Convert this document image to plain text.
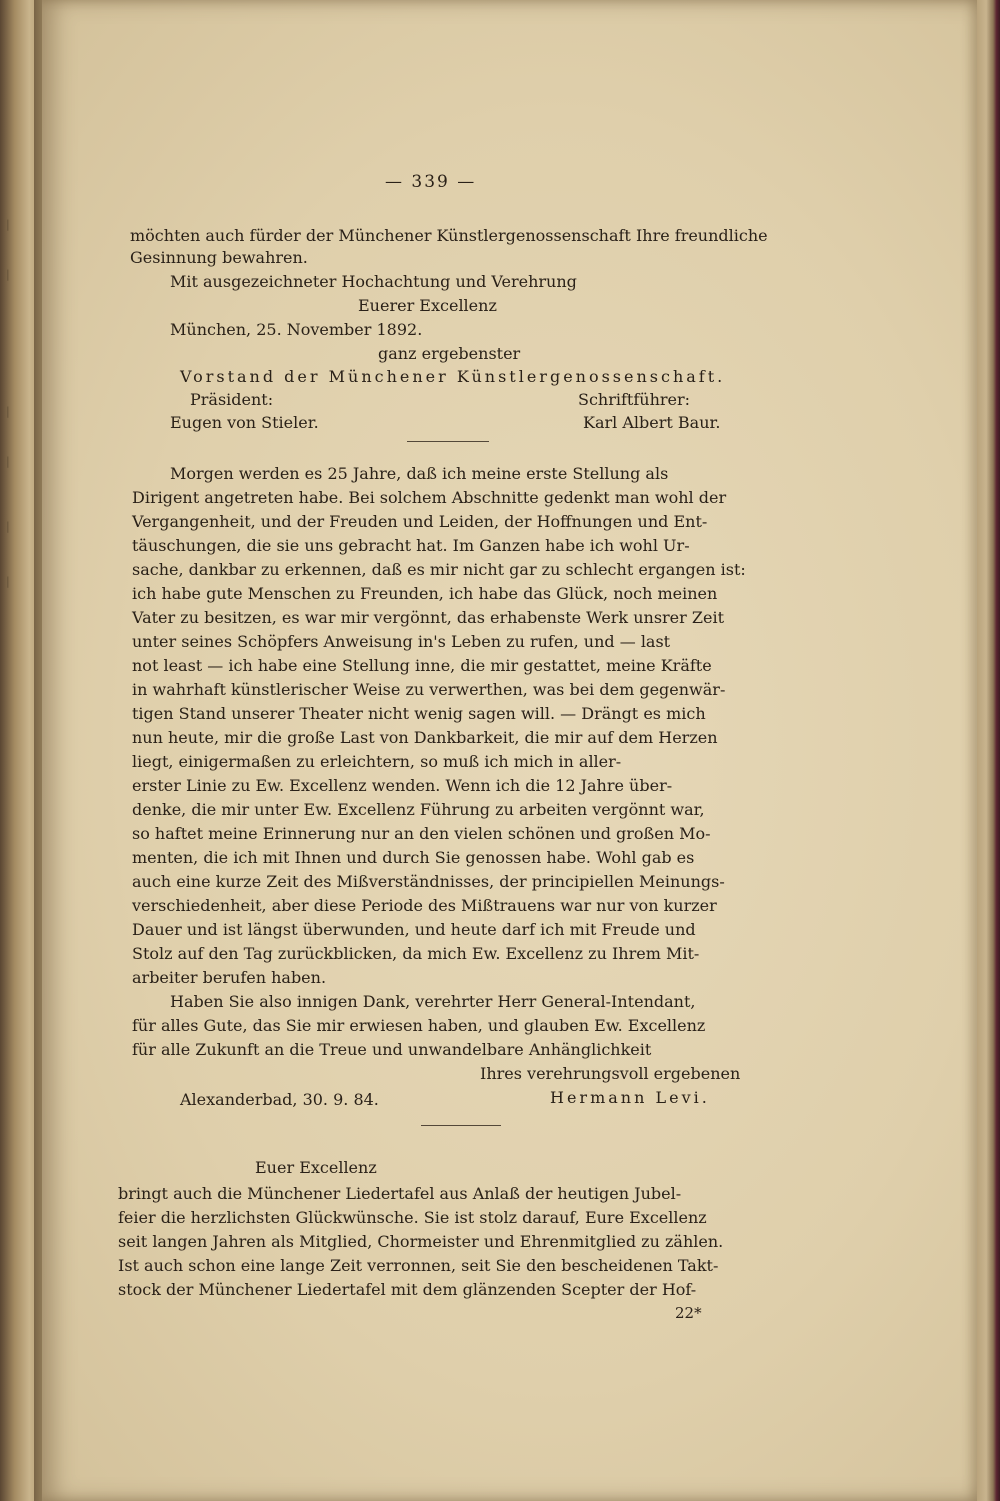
|
|
|
|
|
|
— 339 —
möchten auch fürder der Münchener Künstlergenossenschaft Ihre freundliche
Gesinnung bewahren.
Mit ausgezeichneter Hochachtung und Verehrung
Euerer Excellenz
München, 25. November 1892.
ganz ergebenster
Vorstand der Münchener Künstlergenossenschaft.
Präsident:	Schriftführer:
Eugen von Stieler.	Karl Albert Baur.
Morgen werden es 25 Jahre, daß ich meine erste Stellung als
Dirigent angetreten habe. Bei solchem Abschnitte gedenkt man wohl der
Vergangenheit, und der Freuden und Leiden, der Hoffnungen und Ent-
täuschungen, die sie uns gebracht hat. Im Ganzen habe ich wohl Ur-
sache, dankbar zu erkennen, daß es mir nicht gar zu schlecht ergangen ist:
ich habe gute Menschen zu Freunden, ich habe das Glück, noch meinen
Vater zu besitzen, es war mir vergönnt, das erhabenste Werk unsrer Zeit
unter seines Schöpfers Anweisung in's Leben zu rufen, und — last
not least — ich habe eine Stellung inne, die mir gestattet, meine Kräfte
in wahrhaft künstlerischer Weise zu verwerthen, was bei dem gegenwär-
tigen Stand unserer Theater nicht wenig sagen will. — Drängt es mich
nun heute, mir die große Last von Dankbarkeit, die mir auf dem Herzen
liegt, einigermaßen zu erleichtern, so muß ich mich in aller-
erster Linie zu Ew. Excellenz wenden. Wenn ich die 12 Jahre über-
denke, die mir unter Ew. Excellenz Führung zu arbeiten vergönnt war,
so haftet meine Erinnerung nur an den vielen schönen und großen Mo-
menten, die ich mit Ihnen und durch Sie genossen habe. Wohl gab es
auch eine kurze Zeit des Mißverständnisses, der principiellen Meinungs-
verschiedenheit, aber diese Periode des Mißtrauens war nur von kurzer
Dauer und ist längst überwunden, und heute darf ich mit Freude und
Stolz auf den Tag zurückblicken, da mich Ew. Excellenz zu Ihrem Mit-
arbeiter berufen haben.
Haben Sie also innigen Dank, verehrter Herr General-Intendant,
für alles Gute, das Sie mir erwiesen haben, und glauben Ew. Excellenz
für alle Zukunft an die Treue und unwandelbare Anhänglichkeit
Ihres verehrungsvoll ergebenen
Alexanderbad, 30. 9. 84.	Hermann Levi.
Euer Excellenz
bringt auch die Münchener Liedertafel aus Anlaß der heutigen Jubel-
feier die herzlichsten Glückwünsche. Sie ist stolz darauf, Eure Excellenz
seit langen Jahren als Mitglied, Chormeister und Ehrenmitglied zu zählen.
Ist auch schon eine lange Zeit verronnen, seit Sie den bescheidenen Takt-
stock der Münchener Liedertafel mit dem glänzenden Scepter der Hof-
22*
